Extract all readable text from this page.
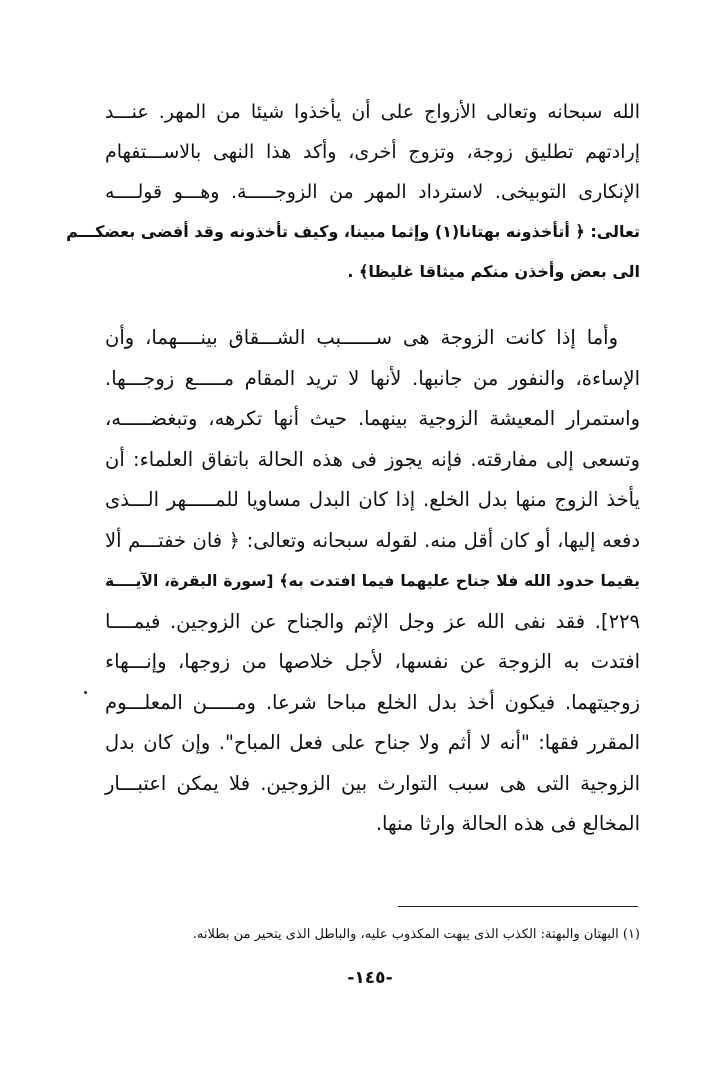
الله سبحانه وتعالى الأزواج على أن يأخذوا شيئا من المهر. عنـــد
إرادتهم تطليق زوجة، وتزوج أخرى، وأكد هذا النهى بالاســـتفهام
الإنكارى التوبيخى. لاسترداد المهر من الزوجـــــة. وهـــو قولــــه
تعالى: ﴿ أتأخذونه بهتانا(١) وإثما مبينا، وكيف تأخذونه وقد أفضى بعضكـــم
الى بعض وأخذن منكم ميثاقا غليظا﴾ .
وأما إذا كانت الزوجة هى ســــــبب الشـــقاق بينــــهما، وأن
الإساءة، والنفور من جانبها. لأنها لا تريد المقام مـــــع زوجـــها.
واستمرار المعيشة الزوجية بينهما. حيث أنها تكرهه، وتبغضـــــه،
وتسعى إلى مفارقته. فإنه يجوز فى هذه الحالة باتفاق العلماء: أن
يأخذ الزوج منها بدل الخلع. إذا كان البدل مساويا للمـــــهر الـــذى
دفعه إليها، أو كان أقل منه. لقوله سبحانه وتعالى: ﴿ فان خفتـــم ألا
يقيما حدود الله فلا جناح عليهما فيما افتدت به﴾ [سورة البقرة، الآيــــة
٢٢٩]. فقد نفى الله عز وجل الإثم والجناح عن الزوجين. فيمــــا
افتدت به الزوجة عن نفسها، لأجل خلاصها من زوجها، وإنـــهاء
زوجيتهما. فيكون أخذ بدل الخلع مباحا شرعا. ومـــــن المعلـــوم
المقرر فقها: "أنه لا أثم ولا جناح على فعل المباح". وإن كان بدل
الزوجية التى هى سبب التوارث بين الزوجين. فلا يمكن اعتبـــار
المخالع فى هذه الحالة وارثا منها.
(١) البهتان والبهتة: الكذب الذى يبهت المكذوب عليه، والباطل الذى يتحير من بطلانه.
-١٤٥-
